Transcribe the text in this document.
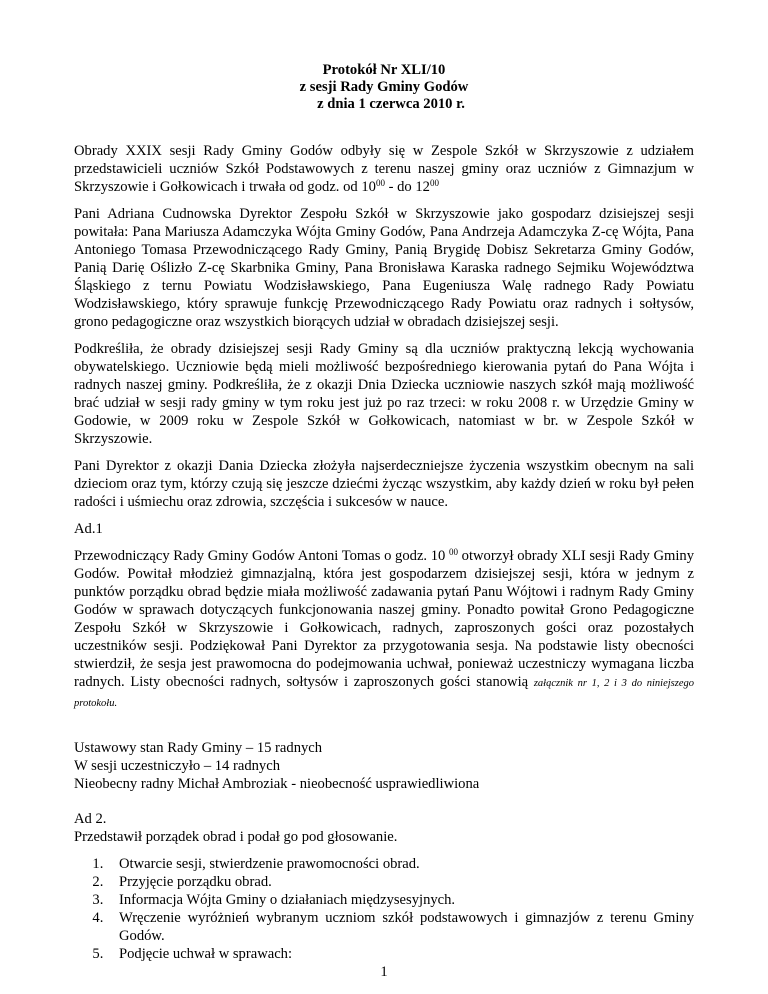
Protokół Nr XLI/10
z sesji Rady Gminy Godów
z dnia 1 czerwca 2010 r.

Obrady XXIX sesji Rady Gminy Godów odbyły się w Zespole Szkół w Skrzyszowie z udziałem przedstawicieli uczniów Szkół Podstawowych z terenu naszej gminy oraz uczniów z Gimnazjum w Skrzyszowie i Gołkowicach i trwała od godz. od $10^{00}$ - do $12^{00}$

Pani Adriana Cudnowska Dyrektor Zespołu Szkół w Skrzyszowie jako gospodarz dzisiejszej sesji powitała: Pana Mariusza Adamczyka Wójta Gminy Godów, Pana Andrzeja Adamczyka Z-cę Wójta, Pana Antoniego Tomasa Przewodniczącego Rady Gminy, Panią Brygidę Dobisz Sekretarza Gminy Godów, Panią Darię Oślizło Z-cę Skarbnika Gminy, Pana Bronisława Karaska radnego Sejmiku Województwa Śląskiego z ternu Powiatu Wodzisławskiego, Pana Eugeniusza Walę radnego Rady Powiatu Wodzisławskiego, który sprawuje funkcję Przewodniczącego Rady Powiatu oraz radnych i sołtysów, grono pedagogiczne oraz wszystkich biorących udział w obradach dzisiejszej sesji.

Podkreśliła, że obrady dzisiejszej sesji Rady Gminy są dla uczniów praktyczną lekcją wychowania obywatelskiego. Uczniowie będą mieli możliwość bezpośredniego kierowania pytań do Pana Wójta i radnych naszej gminy. Podkreśliła, że z okazji Dnia Dziecka uczniowie naszych szkół mają możliwość brać udział w sesji rady gminy w tym roku jest już po raz trzeci: w roku 2008 r. w Urzędzie Gminy w Godowie, w 2009 roku w Zespole Szkół w Gołkowicach, natomiast w br. w Zespole Szkół w Skrzyszowie.

Pani Dyrektor z okazji Dania Dziecka złożyła najserdeczniejsze życzenia wszystkim obecnym na sali dzieciom oraz tym, którzy czują się jeszcze dziećmi życząc wszystkim, aby każdy dzień w roku był pełen radości i uśmiechu oraz zdrowia, szczęścia i sukcesów w nauce.

Ad.1

Przewodniczący Rady Gminy Godów Antoni Tomas o godz. 10 $^{00}$ otworzył obrady XLI sesji Rady Gminy Godów. Powitał młodzież gimnazjalną, która jest gospodarzem dzisiejszej sesji, która w jednym z punktów porządku obrad będzie miała możliwość zadawania pytań Panu Wójtowi i radnym Rady Gminy Godów w sprawach dotyczących funkcjonowania naszej gminy. Ponadto powitał Grono Pedagogiczne Zespołu Szkół w Skrzyszowie i Gołkowicach, radnych, zaproszonych gości oraz pozostałych uczestników sesji. Podziękował Pani Dyrektor za przygotowania sesja. Na podstawie listy obecności stwierdził, że sesja jest prawomocna do podejmowania uchwał, ponieważ uczestniczy wymagana liczba radnych. Listy obecności radnych, sołtysów i zaproszonych gości stanowią załącznik nr 1, 2 i 3 do niniejszego protokołu.

Ustawowy stan Rady Gminy – 15 radnych
W sesji uczestniczyło – 14 radnych
Nieobecny radny Michał Ambroziak - nieobecność usprawiedliwiona
Ad 2.
Przedstawił porządek obrad i podał go pod głosowanie.
1. Otwarcie sesji, stwierdzenie prawomocności obrad.
2. Przyjęcie porządku obrad.
3. Informacja Wójta Gminy o działaniach międzysesyjnych.
4. Wręczenie wyróżnień wybranym uczniom szkół podstawowych i gimnazjów z terenu Gminy Godów.
5. Podjęcie uchwał w sprawach:
1
